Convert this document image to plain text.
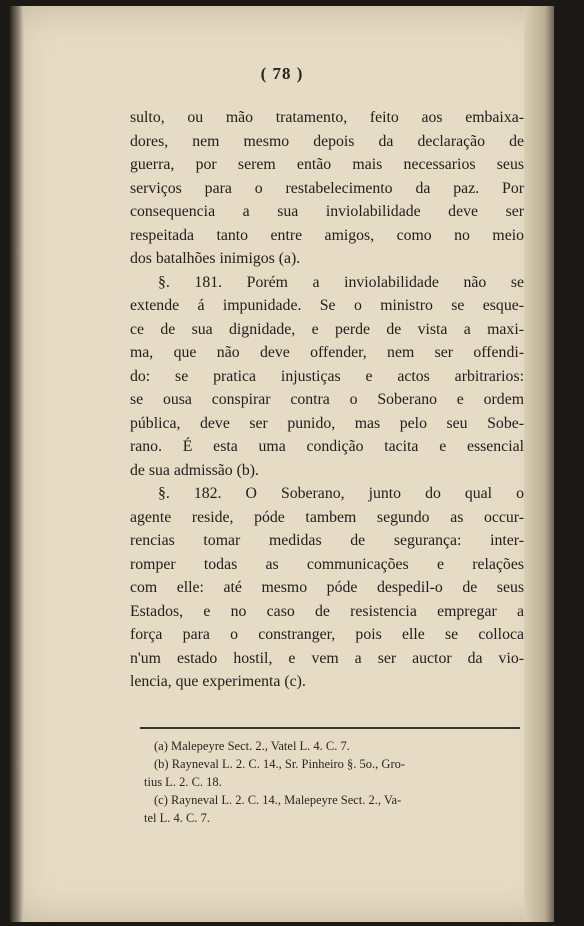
( 78 )
sulto, ou mão tratamento, feito aos embaixa-
dores, nem mesmo depois da declaração de
guerra, por serem então mais necessarios seus
serviços para o restabelecimento da paz. Por
consequencia a sua inviolabilidade deve ser
respeitada tanto entre amigos, como no meio
dos batalhões inimigos (a).
§. 181. Porém a inviolabilidade não se
extende á impunidade. Se o ministro se esque-
ce de sua dignidade, e perde de vista a maxi-
ma, que não deve offender, nem ser offendi-
do: se pratica injustiças e actos arbitrarios:
se ousa conspirar contra o Soberano e ordem
pública, deve ser punido, mas pelo seu Sobe-
rano. É esta uma condição tacita e essencial
de sua admissão (b).
§. 182. O Soberano, junto do qual o
agente reside, póde tambem segundo as occur-
rencias tomar medidas de segurança: inter-
romper todas as communicações e relações
com elle: até mesmo póde despedil-o de seus
Estados, e no caso de resistencia empregar a
força para o constranger, pois elle se colloca
n'um estado hostil, e vem a ser auctor da vio-
lencia, que experimenta (c).
(a) Malepeyre Sect. 2., Vatel L. 4. C. 7.
(b) Rayneval L. 2. C. 14., Sr. Pinheiro §. 5o., Gro-
tius L. 2. C. 18.
(c) Rayneval L. 2. C. 14., Malepeyre Sect. 2., Va-
tel L. 4. C. 7.
